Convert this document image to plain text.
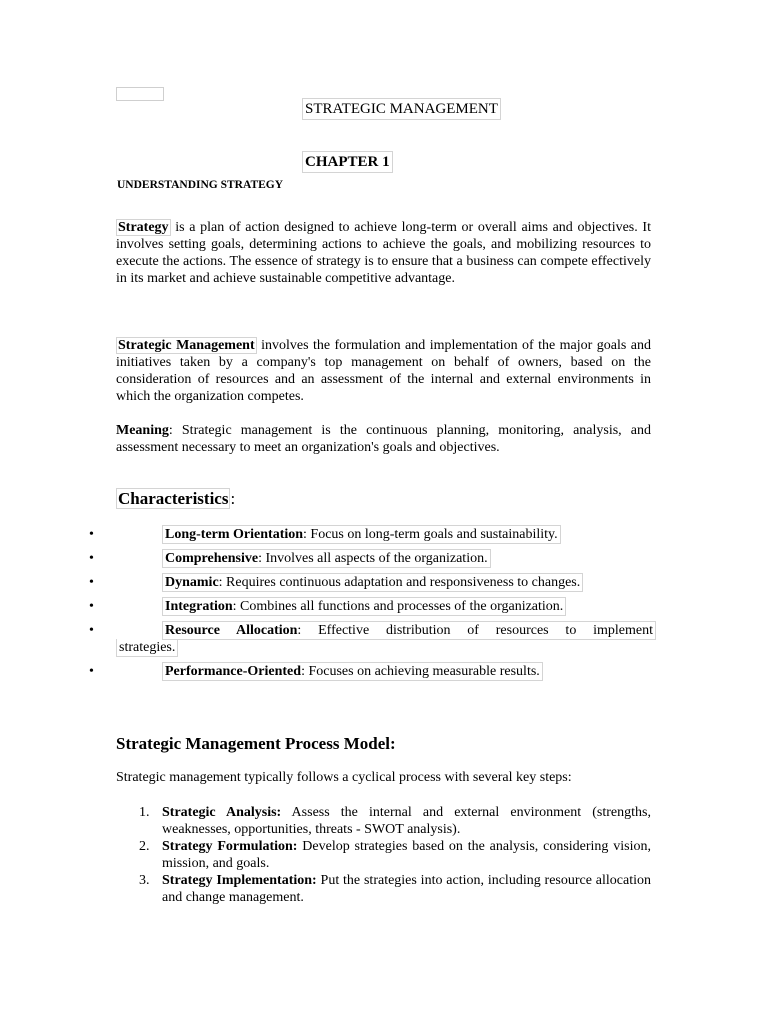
STRATEGIC MANAGEMENT
CHAPTER 1
UNDERSTANDING STRATEGY
Strategy is a plan of action designed to achieve long-term or overall aims and objectives. It involves setting goals, determining actions to achieve the goals, and mobilizing resources to execute the actions. The essence of strategy is to ensure that a business can compete effectively in its market and achieve sustainable competitive advantage.
Strategic Management involves the formulation and implementation of the major goals and initiatives taken by a company's top management on behalf of owners, based on the consideration of resources and an assessment of the internal and external environments in which the organization competes.
Meaning: Strategic management is the continuous planning, monitoring, analysis, and assessment necessary to meet an organization's goals and objectives.
Characteristics :
•	Long-term Orientation: Focus on long-term goals and sustainability.
•	Comprehensive: Involves all aspects of the organization.
•	Dynamic: Requires continuous adaptation and responsiveness to changes.
•	Integration: Combines all functions and processes of the organization.
•	Resource Allocation: Effective distribution of resources to implement
strategies.
•	Performance-Oriented: Focuses on achieving measurable results.
Strategic Management Process Model:
Strategic management typically follows a cyclical process with several key steps:
1. Strategic Analysis: Assess the internal and external environment (strengths, weaknesses, opportunities, threats - SWOT analysis).
2. Strategy Formulation: Develop strategies based on the analysis, considering vision, mission, and goals.
3. Strategy Implementation: Put the strategies into action, including resource allocation and change management.
